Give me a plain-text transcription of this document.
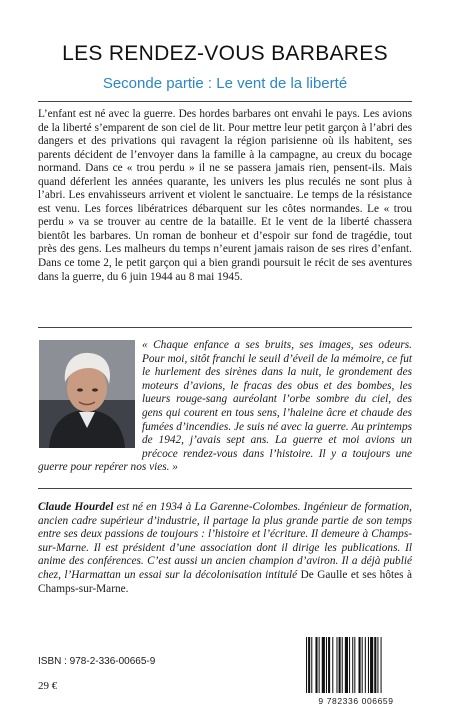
LES RENDEZ-VOUS BARBARES
Seconde partie : Le vent de la liberté

L’enfant est né avec la guerre. Des hordes barbares ont envahi le pays. Les avions de la liberté s’emparent de son ciel de lit. Pour mettre leur petit garçon à l’abri des dangers et des privations qui ravagent la région parisienne où ils habitent, ses parents décident de l’envoyer dans la famille à la campagne, au creux du bocage normand. Dans ce « trou perdu » il ne se passera jamais rien, pensent-ils. Mais quand déferlent les années quarante, les univers les plus reculés ne sont plus à l’abri. Les envahisseurs arrivent et violent le sanctuaire. Le temps de la résistance est venu. Les forces libératrices débarquent sur les côtes normandes. Le « trou perdu » va se trouver au centre de la bataille. Et le vent de la liberté chassera bientôt les barbares. Un roman de bonheur et d’espoir sur fond de tragédie, tout près des gens. Les malheurs du temps n’eurent jamais raison de ses rires d’enfant. Dans ce tome 2, le petit garçon qui a bien grandi poursuit le récit de ses aventures dans la guerre, du 6 juin 1944 au 8 mai 1945.

« Chaque enfance a ses bruits, ses images, ses odeurs. Pour moi, sitôt franchi le seuil d’éveil de la mémoire, ce fut le hurlement des sirènes dans la nuit, le grondement des moteurs d’avions, le fracas des obus et des bombes, les lueurs rouge-sang auréolant l’orbe sombre du ciel, des gens qui courent en tous sens, l’haleine âcre et chaude des fumées d’incendies. Je suis né avec la guerre. Au printemps de 1942, j’avais sept ans. La guerre et moi avions un précoce rendez-vous dans l’histoire. Il y a toujours une guerre pour repérer nos vies. »

Claude Hourdel est né en 1934 à La Garenne-Colombes. Ingénieur de formation, ancien cadre supérieur d’industrie, il partage la plus grande partie de son temps entre ses deux passions de toujours : l’histoire et l’écriture. Il demeure à Champs-sur-Marne. Il est président d’une association dont il dirige les publications. Il anime des conférences. C’est aussi un ancien champion d’aviron. Il a déjà publié chez, l’Harmattan un essai sur la décolonisation intitulé De Gaulle et ses hôtes à Champs-sur-Marne.

ISBN : 978-2-336-00665-9
29 €
9 782336 006659
